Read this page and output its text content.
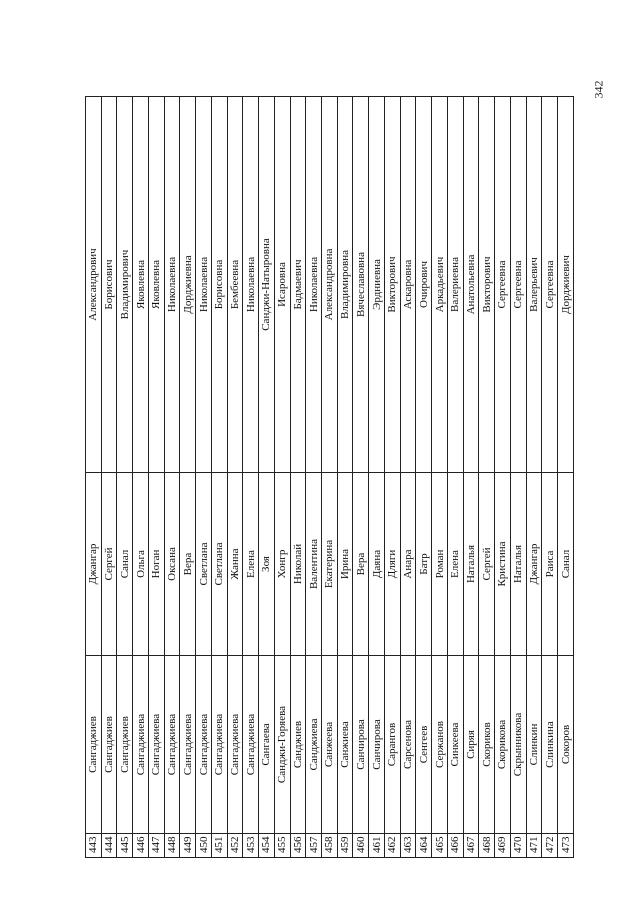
342
443	Сангаджиев	Джангар	Александрович
444	Сангаджиев	Сергей	Борисович
445	Сангаджиев	Санал	Владимирович
446	Сангаджиева	Ольга	Яковлевна
447	Сангаджиева	Ноган	Яковлевна
448	Сангаджиева	Оксана	Николаевна
449	Сангаджиева	Вера	Дорджиевна
450	Сангаджиева	Светлана	Николаевна
451	Сангаджиева	Светлана	Борисовна
452	Сангаджиева	Жанна	Бембеевна
453	Сангаджиева	Елена	Николаевна
454	Сангаева	Зоя	Санджи-Натыровна
455	Санджи-Горяева	Хонгр	Исаровна
456	Санджиев	Николай	Бадмаевич
457	Санджиева	Валентина	Николаевна
458	Санжеева	Екатерина	Александровна
459	Санжиева	Ирина	Владимировна
460	Санчирова	Вера	Вячеславовна
461	Санчирова	Даяна	Эрдниевна
462	Сарангов	Дляги	Викторович
463	Сарсенова	Анара	Аскаровна
464	Сенгеев	Батр	Очирович
465	Сержанов	Роман	Аркадьевич
466	Синкеева	Елена	Валериевна
467	Сиряя	Наталья	Анатольевна
468	Скориков	Сергей	Викторович
469	Скорикова	Кристина	Сергеевна
470	Скрынникова	Наталья	Сергеевна
471	Слинкин	Джангар	Валерьевич
472	Слинкина	Раиса	Сергеевна
473	Сокоров	Санал	Дорджиевич
